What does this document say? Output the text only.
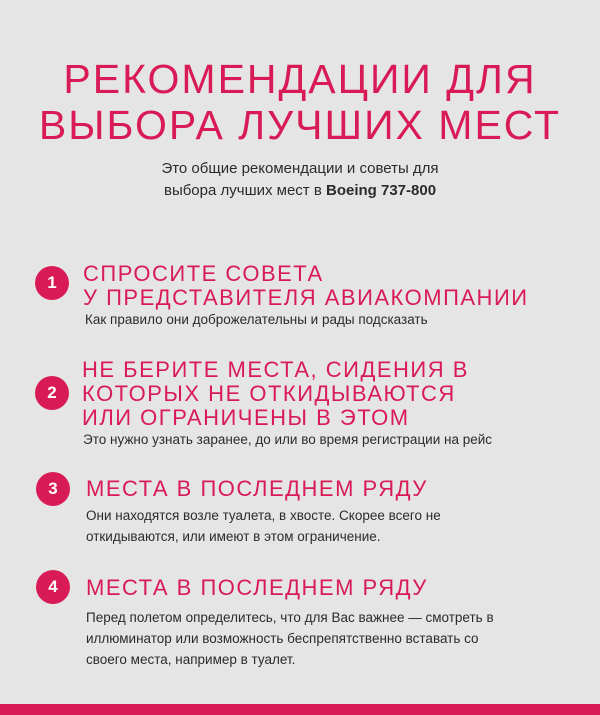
РЕКОМЕНДАЦИИ ДЛЯ
ВЫБОРА ЛУЧШИХ МЕСТ
Это общие рекомендации и советы для
выбора лучших мест в Boeing 737-800
1	СПРОСИТЕ СОВЕТА
У ПРЕДСТАВИТЕЛЯ АВИАКОМПАНИИ
Как правило они доброжелательны и рады подсказать
2
НЕ БЕРИТЕ МЕСТА, СИДЕНИЯ В
КОТОРЫХ НЕ ОТКИДЫВАЮТСЯ
ИЛИ ОГРАНИЧЕНЫ В ЭТОМ
Это нужно узнать заранее, до или во время регистрации на рейс
3	МЕСТА В ПОСЛЕДНЕМ РЯДУ
Они находятся возле туалета, в хвосте. Скорее всего не
откидываются, или имеют в этом ограничение.
4	МЕСТА В ПОСЛЕДНЕМ РЯДУ
Перед полетом определитесь, что для Вас важнее — смотреть в
иллюминатор или возможность беспрепятственно вставать со
своего места, например в туалет.
